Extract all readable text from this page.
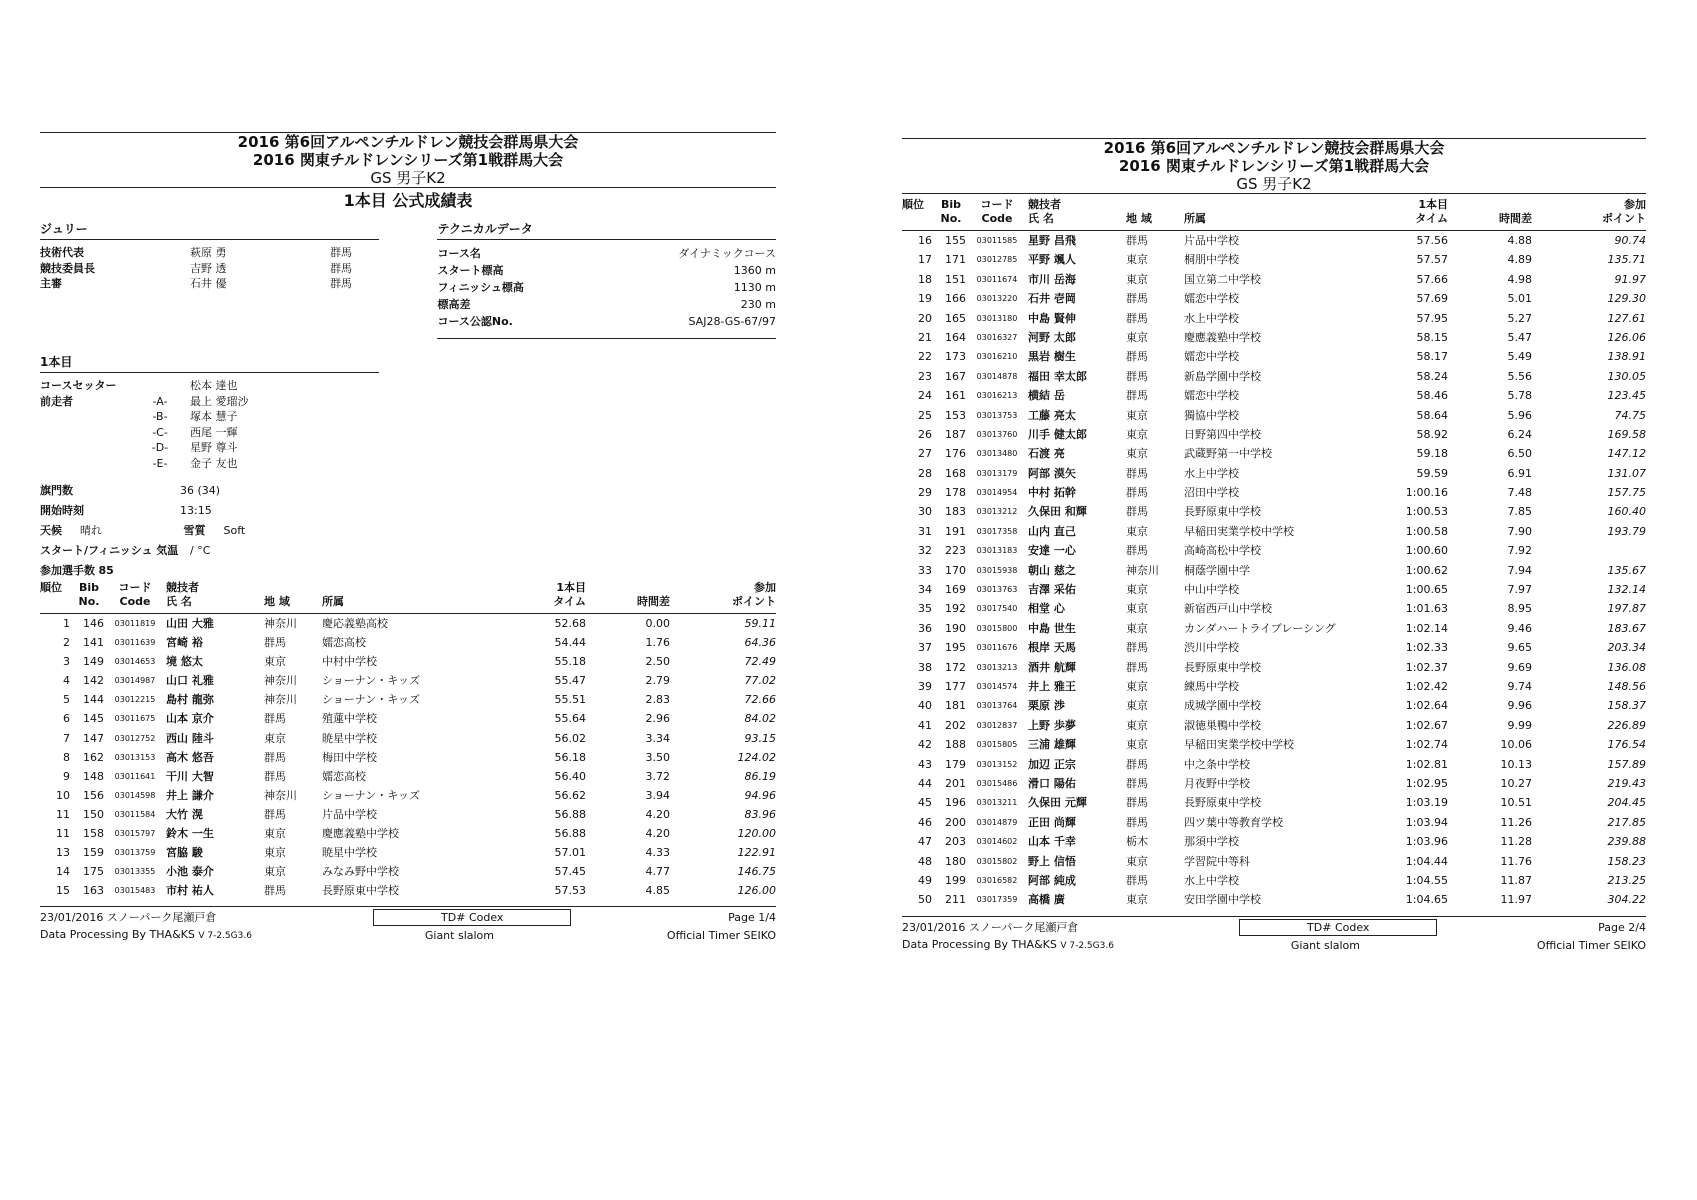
2016 第6回アルペンチルドレン競技会群馬県大会
2016 関東チルドレンシリーズ第1戦群馬大会
GS 男子K2
1本目 公式成績表
ジュリー
技術代表	萩原 勇	群馬
競技委員長	吉野 透	群馬
主審	石井 優	群馬
テクニカルデータ
コース名	ダイナミックコース
スタート標高	1360 m
フィニッシュ標高	1130 m
標高差	230 m
コース公認No.	SAJ28-GS-67/97
1本目
コースセッター	松本 達也
前走者	-A-	最上 愛瑠沙
-B-	塚本 慧子
-C-	西尾 一輝
-D-	星野 尊斗
-E-	金子 友也
旗門数	36 (34)
開始時刻	13:15
天候 晴れ	雪質 Soft
スタート/フィニッシュ 気温 / °C
参加選手数 85
順位	Bib
No.
コード
Code
競技者
氏 名
	地 域
	所属
1本目
タイム
	時間差
参加
ポイント
1	146	03011819 山田 大雅	神奈川	慶応義塾高校	52.68	0.00	59.11
2	141	03011639 宮崎 裕	群馬	嬬恋高校	54.44	1.76	64.36
3	149	03014653 境 悠太	東京	中村中学校	55.18	2.50	72.49
4	142	03014987 山口 礼雅	神奈川	ショーナン・キッズ	55.47	2.79	77.02
5	144	03012215 島村 龍弥	神奈川	ショーナン・キッズ	55.51	2.83	72.66
6	145	03011675 山本 京介	群馬	殖蓮中学校	55.64	2.96	84.02
7	147	03012752 西山 陸斗	東京	暁星中学校	56.02	3.34	93.15
8	162	03013153 高木 悠吾	群馬	梅田中学校	56.18	3.50	124.02
9	148	03011641 干川 大智	群馬	嬬恋高校	56.40	3.72	86.19
10	156	03014598 井上 謙介	神奈川	ショーナン・キッズ	56.62	3.94	94.96
11	150	03011584 大竹 滉	群馬	片品中学校	56.88	4.20	83.96
11	158	03015797 鈴木 一生	東京	慶應義塾中学校	56.88	4.20	120.00
13	159	03013759 宮脇 駿	東京	暁星中学校	57.01	4.33	122.91
14	175	03013355 小池 泰介	東京	みなみ野中学校	57.45	4.77	146.75
15	163	03015483 市村 祐人	群馬	長野原東中学校	57.53	4.85	126.00
23/01/2016 スノーパーク尾瀬戸倉	TD# Codex	Page 1/4
Data Processing By THA&KS V 7-2.5G3.6	Giant slalom	Official Timer SEIKO
2016 第6回アルペンチルドレン競技会群馬県大会
2016 関東チルドレンシリーズ第1戦群馬大会
GS 男子K2
順位	Bib
No.
コード
Code
競技者
氏 名
	地 域
	所属
1本目
タイム
	時間差
参加
ポイント
16	155	03011585 星野 昌飛	群馬	片品中学校	57.56	4.88	90.74
17	171	03012785 平野 颯人	東京	桐朋中学校	57.57	4.89	135.71
18	151	03011674 市川 岳海	東京	国立第二中学校	57.66	4.98	91.97
19	166	03013220 石井 壱岡	群馬	嬬恋中学校	57.69	5.01	129.30
20	165	03013180 中島 賢伸	群馬	水上中学校	57.95	5.27	127.61
21	164	03016327 河野 太郎	東京	慶應義塾中学校	58.15	5.47	126.06
22	173	03016210 黒岩 樹生	群馬	嬬恋中学校	58.17	5.49	138.91
23	167	03014878 福田 幸太郎	群馬	新島学園中学校	58.24	5.56	130.05
24	161	03016213 横結 岳	群馬	嬬恋中学校	58.46	5.78	123.45
25	153	03013753 工藤 亮太	東京	獨協中学校	58.64	5.96	74.75
26	187	03013760 川手 健太郎	東京	日野第四中学校	58.92	6.24	169.58
27	176	03013480 石渡 亮	東京	武蔵野第一中学校	59.18	6.50	147.12
28	168	03013179 阿部 漠矢	群馬	水上中学校	59.59	6.91	131.07
29	178	03014954 中村 拓幹	群馬	沼田中学校	1:00.16	7.48	157.75
30	183	03013212 久保田 和輝	群馬	長野原東中学校	1:00.53	7.85	160.40
31	191	03017358 山内 直己	東京	早稲田実業学校中学校	1:00.58	7.90	193.79
32	223	03013183 安達 一心	群馬	高崎高松中学校	1:00.60	7.92
33	170	03015938 朝山 慈之	神奈川	桐蔭学園中学	1:00.62	7.94	135.67
34	169	03013763 吉澤 采佑	東京	中山中学校	1:00.65	7.97	132.14
35	192	03017540 相堂 心	東京	新宿西戸山中学校	1:01.63	8.95	197.87
36	190	03015800 中島 世生	東京	カンダハートライブレーシング	1:02.14	9.46	183.67
37	195	03011676 根岸 天馬	群馬	渋川中学校	1:02.33	9.65	203.34
38	172	03013213 酒井 航輝	群馬	長野原東中学校	1:02.37	9.69	136.08
39	177	03014574 井上 雅王	東京	練馬中学校	1:02.42	9.74	148.56
40	181	03013764 栗原 渉	東京	成城学園中学校	1:02.64	9.96	158.37
41	202	03012837 上野 歩夢	東京	淑徳巣鴨中学校	1:02.67	9.99	226.89
42	188	03015805 三浦 雄輝	東京	早稲田実業学校中学校	1:02.74	10.06	176.54
43	179	03013152 加辺 正宗	群馬	中之条中学校	1:02.81	10.13	157.89
44	201	03015486 滑口 陽佑	群馬	月夜野中学校	1:02.95	10.27	219.43
45	196	03013211 久保田 元輝	群馬	長野原東中学校	1:03.19	10.51	204.45
46	200	03014879 正田 尚輝	群馬	四ツ葉中等教育学校	1:03.94	11.26	217.85
47	203	03014602 山本 千幸	栃木	那須中学校	1:03.96	11.28	239.88
48	180	03015802 野上 信悟	東京	学習院中等科	1:04.44	11.76	158.23
49	199	03016582 阿部 純成	群馬	水上中学校	1:04.55	11.87	213.25
50	211	03017359 高橋 廣	東京	安田学園中学校	1:04.65	11.97	304.22
23/01/2016 スノーパーク尾瀬戸倉	TD# Codex	Page 2/4
Data Processing By THA&KS V 7-2.5G3.6	Giant slalom	Official Timer SEIKO
